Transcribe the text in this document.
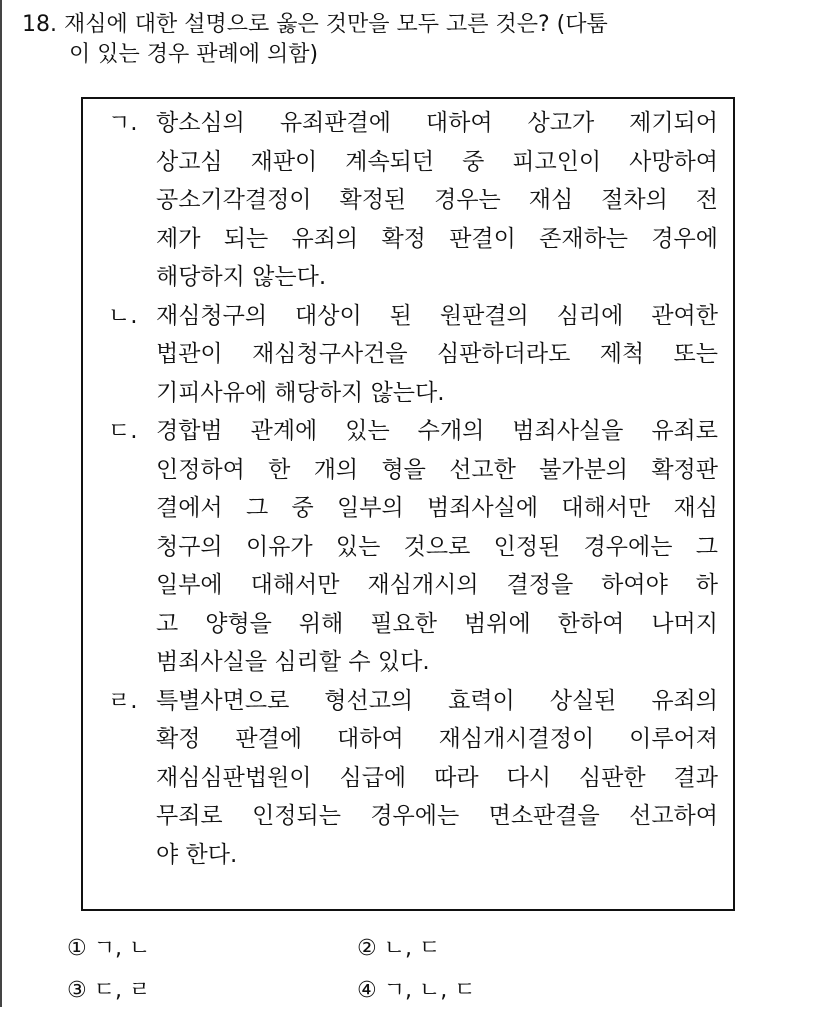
18. 재심에 대한 설명으로 옳은 것만을 모두 고른 것은? (다툼
이 있는 경우 판례에 의함)
ㄱ. 항소심의 유죄판결에 대하여 상고가 제기되어
상고심 재판이 계속되던 중 피고인이 사망하여
공소기각결정이 확정된 경우는 재심 절차의 전
제가 되는 유죄의 확정 판결이 존재하는 경우에
해당하지 않는다.
ㄴ. 재심청구의 대상이 된 원판결의 심리에 관여한
법관이 재심청구사건을 심판하더라도 제척 또는
기피사유에 해당하지 않는다.
ㄷ. 경합범 관계에 있는 수개의 범죄사실을 유죄로
인정하여 한 개의 형을 선고한 불가분의 확정판
결에서 그 중 일부의 범죄사실에 대해서만 재심
청구의 이유가 있는 것으로 인정된 경우에는 그
일부에 대해서만 재심개시의 결정을 하여야 하
고 양형을 위해 필요한 범위에 한하여 나머지
범죄사실을 심리할 수 있다.
ㄹ. 특별사면으로 형선고의 효력이 상실된 유죄의
확정 판결에 대하여 재심개시결정이 이루어져
재심심판법원이 심급에 따라 다시 심판한 결과
무죄로 인정되는 경우에는 면소판결을 선고하여
야 한다.
① ㄱ, ㄴ	② ㄴ, ㄷ
③ ㄷ, ㄹ	④ ㄱ, ㄴ, ㄷ
